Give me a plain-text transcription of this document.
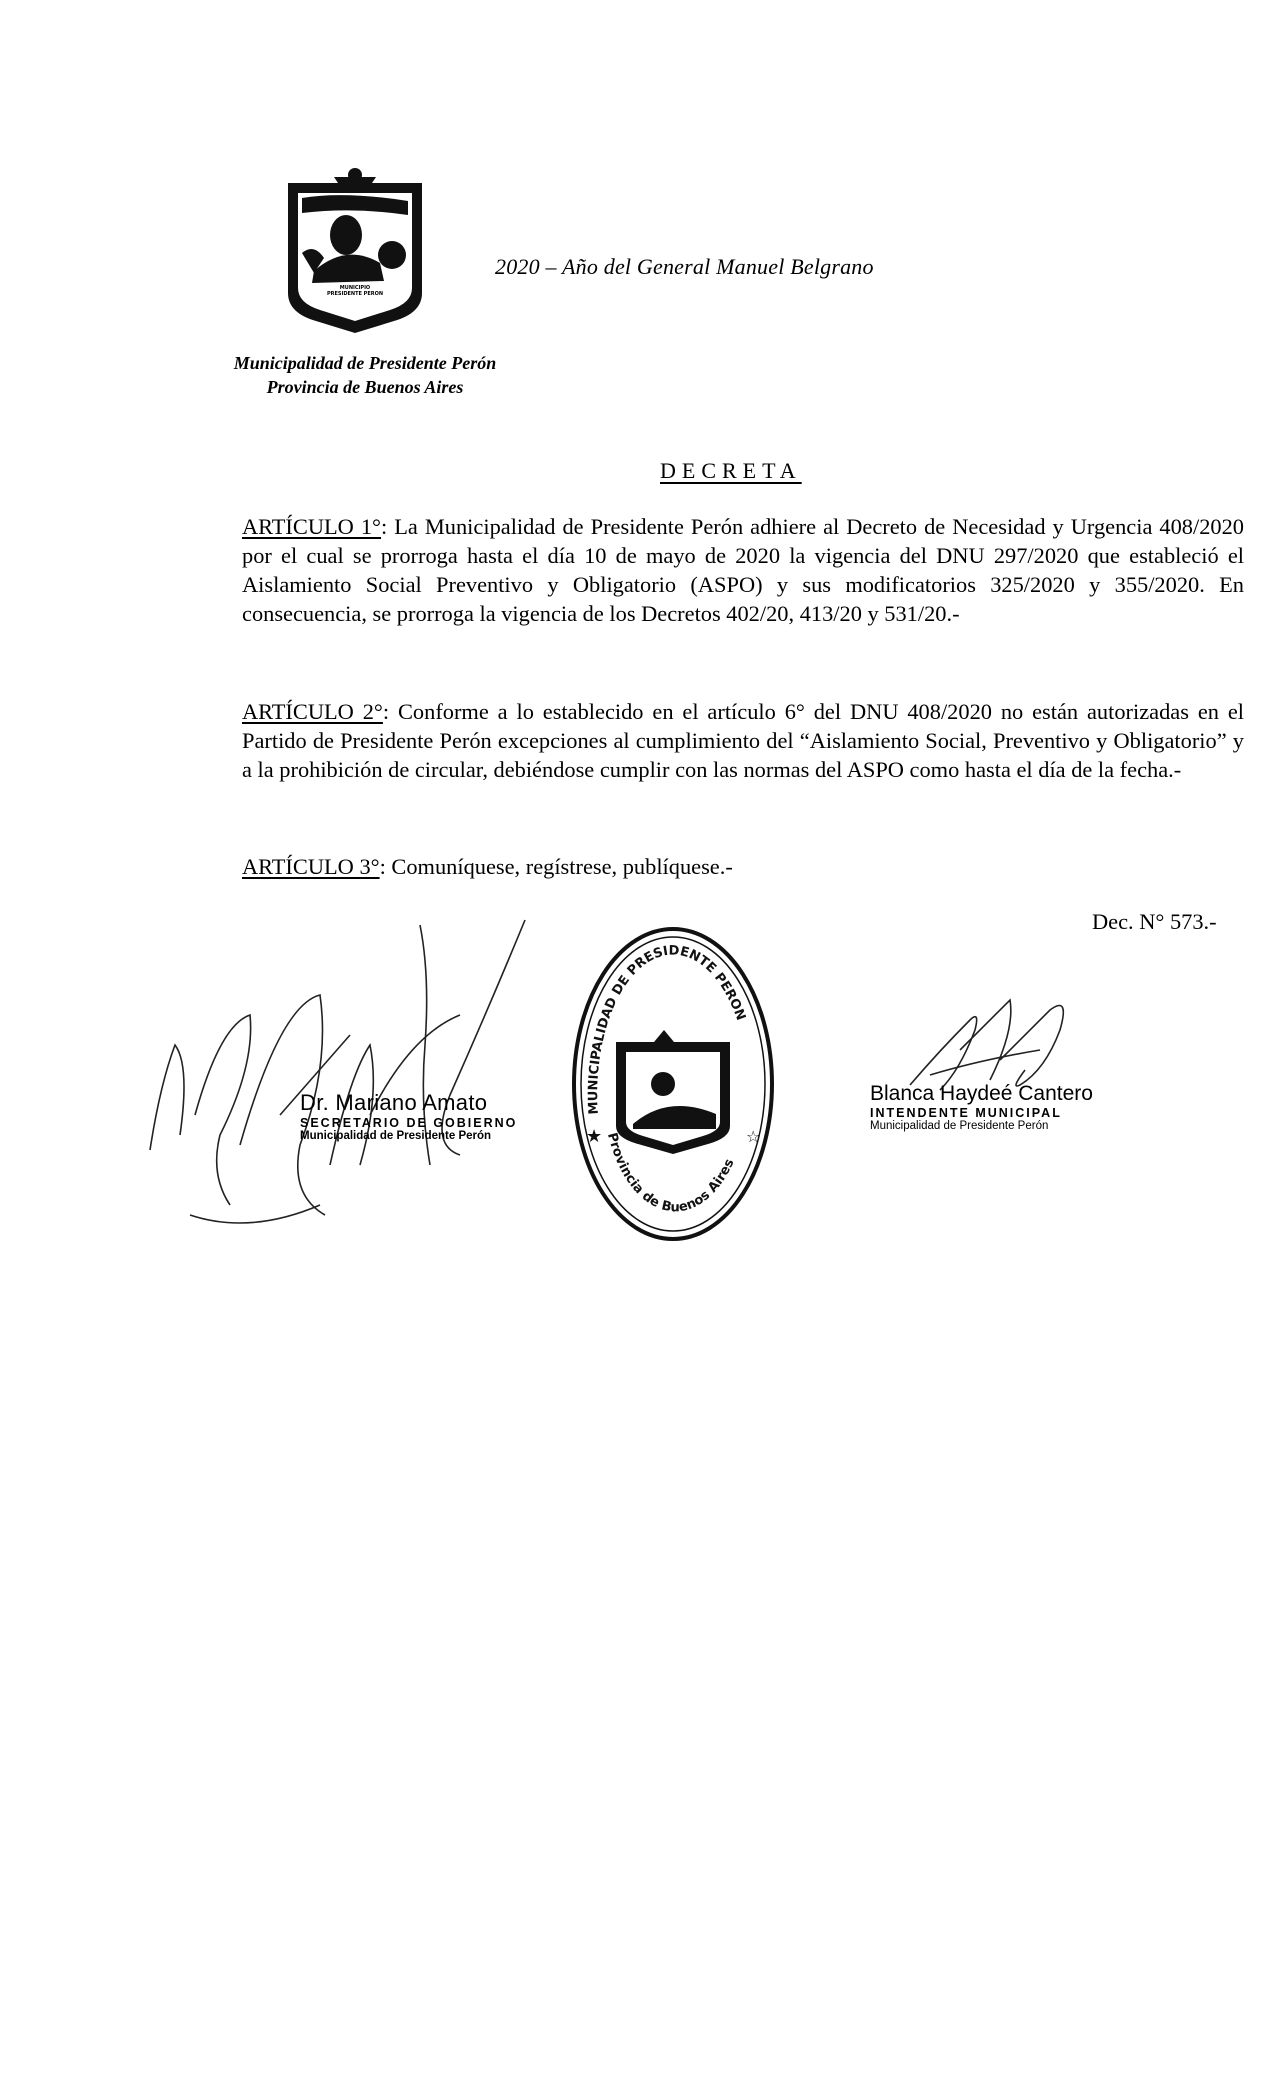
MUNICIPIO
PRESIDENTE PERON
2020 – Año del General Manuel Belgrano
Municipalidad de Presidente Perón
Provincia de Buenos Aires
DECRETA

ARTÍCULO 1°: La Municipalidad de Presidente Perón adhiere al Decreto de Necesidad y Urgencia 408/2020 por el cual se prorroga hasta el día 10 de mayo de 2020 la vigencia del DNU 297/2020 que estableció el Aislamiento Social Preventivo y Obligatorio (ASPO) y sus modificatorios 325/2020 y 355/2020. En consecuencia, se prorroga la vigencia de los Decretos 402/20, 413/20 y 531/20.-

ARTÍCULO 2°: Conforme a lo establecido en el artículo 6° del DNU 408/2020 no están autorizadas en el Partido de Presidente Perón excepciones al cumplimiento del “Aislamiento Social, Preventivo y Obligatorio” y a la prohibición de circular, debiéndose cumplir con las normas del ASPO como hasta el día de la fecha.-

ARTÍCULO 3°: Comuníquese, regístrese, publíquese.-

Dec. N° 573.-
Dr. Mariano Amato
SECRETARIO DE GOBIERNO
Municipalidad de Presidente Perón
MUNICIPALIDAD DE PRESIDENTE PERON
Provincia de Buenos Aires
★	☆
Blanca Haydeé Cantero
INTENDENTE MUNICIPAL
Municipalidad de Presidente Perón
